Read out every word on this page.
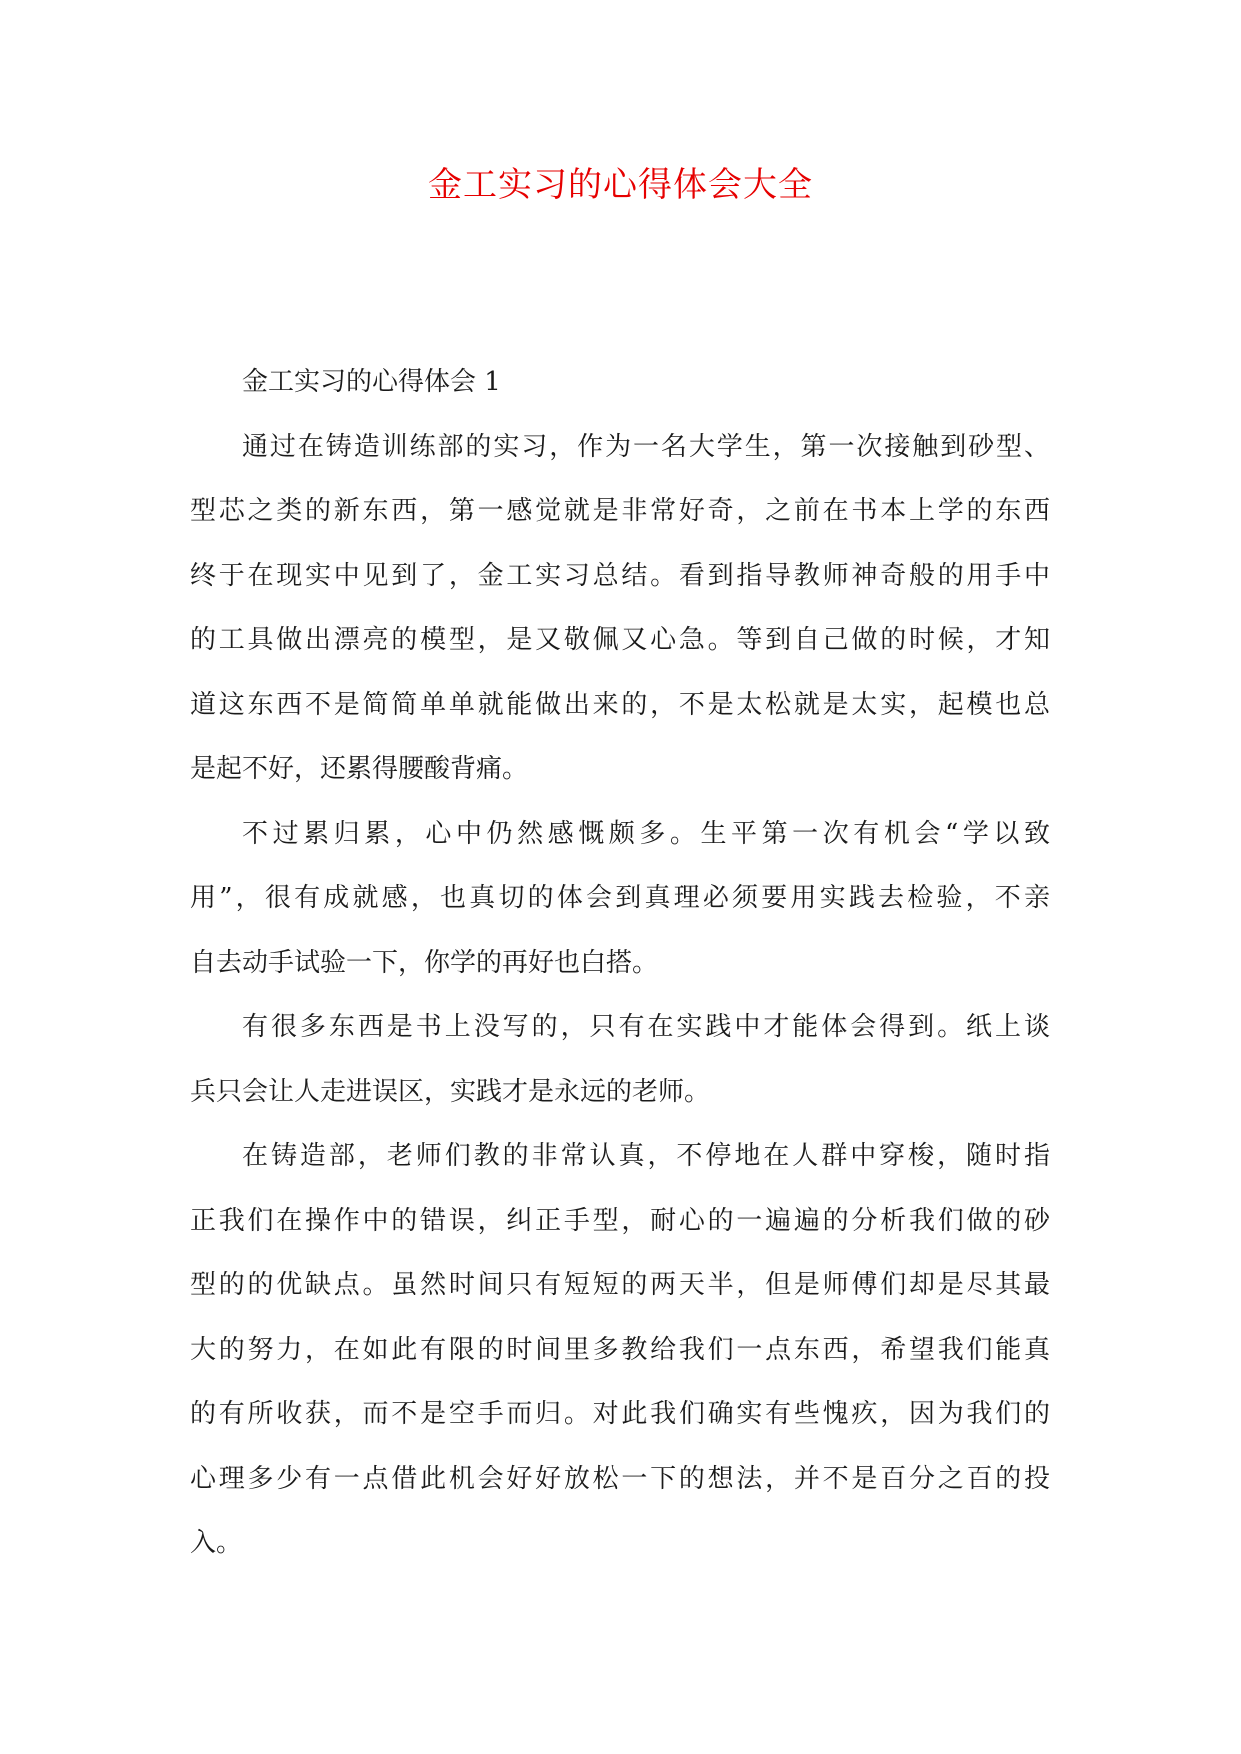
金工实习的心得体会大全
金工实习的心得体会 1
通过在铸造训练部的实习，作为一名大学生，第一次接触到砂型、
型芯之类的新东西，第一感觉就是非常好奇，之前在书本上学的东西
终于在现实中见到了，金工实习总结。看到指导教师神奇般的用手中
的工具做出漂亮的模型，是又敬佩又心急。等到自己做的时候，才知
道这东西不是简简单单就能做出来的，不是太松就是太实，起模也总
是起不好，还累得腰酸背痛。
不过累归累，心中仍然感慨颇多。生平第一次有机会“学以致
用”，很有成就感，也真切的体会到真理必须要用实践去检验，不亲
自去动手试验一下，你学的再好也白搭。
有很多东西是书上没写的，只有在实践中才能体会得到。纸上谈
兵只会让人走进误区，实践才是永远的老师。
在铸造部，老师们教的非常认真，不停地在人群中穿梭，随时指
正我们在操作中的错误，纠正手型，耐心的一遍遍的分析我们做的砂
型的的优缺点。虽然时间只有短短的两天半，但是师傅们却是尽其最
大的努力，在如此有限的时间里多教给我们一点东西，希望我们能真
的有所收获，而不是空手而归。对此我们确实有些愧疚，因为我们的
心理多少有一点借此机会好好放松一下的想法，并不是百分之百的投
入。
